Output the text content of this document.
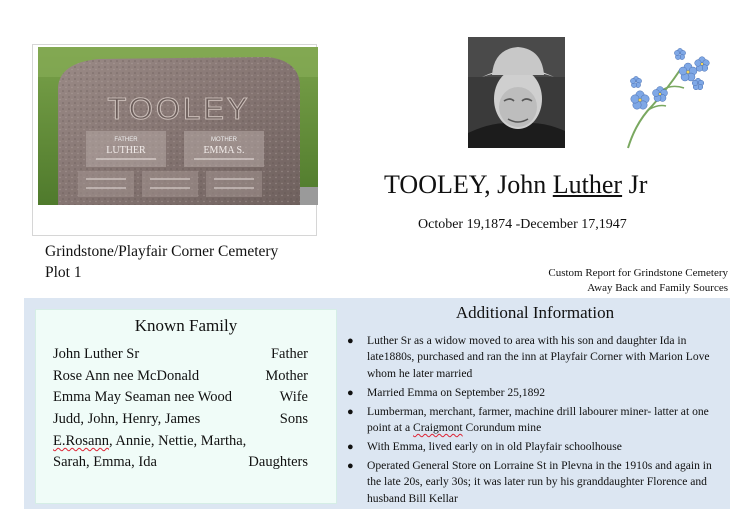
TOOLEY
FATHER
LUTHER
MOTHER
EMMA S.
Grindstone/Playfair Corner Cemetery
Plot 1
TOOLEY, John Luther Jr
October 19,1874 -December 17,1947
Custom Report for Grindstone Cemetery
Away Back and Family Sources
Known Family
John Luther Sr	Father
Rose Ann nee McDonald	Mother
Emma May Seaman nee Wood	Wife
Judd, John, Henry, James	Sons
E.Rosann, Annie, Nettie, Martha,
Sarah, Emma, Ida	Daughters
Additional Information
● Luther Sr as a widow moved to area with his son and daughter Ida in late1880s, purchased and ran the inn at Playfair Corner with Marion Love whom he later married
● Married Emma on September 25,1892
● Lumberman, merchant, farmer, machine drill labourer miner- latter at one point at a Craigmont Corundum mine
● With Emma, lived early on in old Playfair schoolhouse
● Operated General Store on Lorraine St in Plevna in the 1910s and again in the late 20s, early 30s; it was later run by his granddaughter Florence and husband Bill Kellar
